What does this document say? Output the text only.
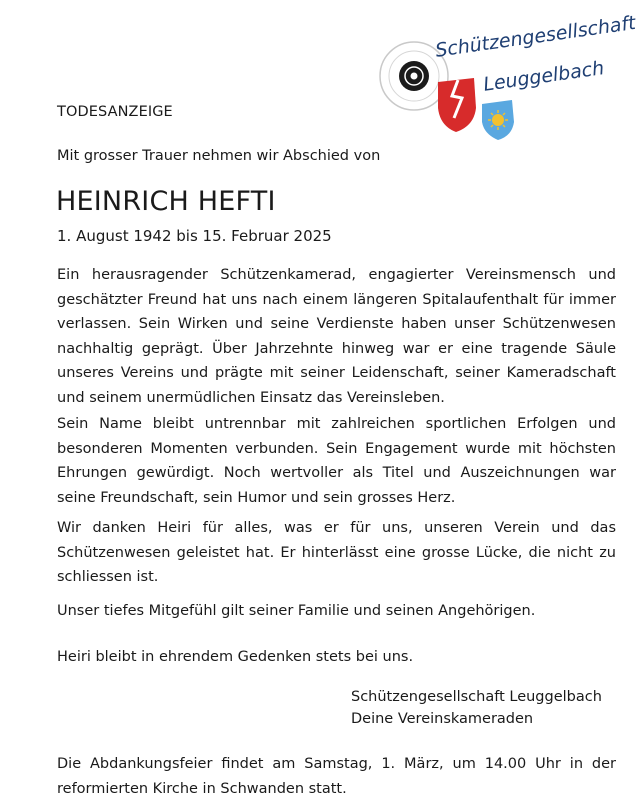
Schützengesellschaft
Leuggelbach
TODESANZEIGE
Mit grosser Trauer nehmen wir Abschied von
HEINRICH HEFTI
1. August 1942 bis 15. Februar 2025

Ein herausragender Schützenkamerad, engagierter Vereinsmensch und geschätzter Freund hat uns nach einem längeren Spitalaufenthalt für immer verlassen. Sein Wirken und seine Verdienste haben unser Schützenwesen nachhaltig geprägt. Über Jahrzehnte hinweg war er eine tragende Säule unseres Vereins und prägte mit seiner Leidenschaft, seiner Kameradschaft und seinem unermüdlichen Einsatz das Vereinsleben.

Sein Name bleibt untrennbar mit zahlreichen sportlichen Erfolgen und besonderen Momenten verbunden. Sein Engagement wurde mit höchsten Ehrungen gewürdigt. Noch wertvoller als Titel und Auszeichnungen war seine Freundschaft, sein Humor und sein grosses Herz.

Wir danken Heiri für alles, was er für uns, unseren Verein und das Schützenwesen geleistet hat. Er hinterlässt eine grosse Lücke, die nicht zu schliessen ist.

Unser tiefes Mitgefühl gilt seiner Familie und seinen Angehörigen.

Heiri bleibt in ehrendem Gedenken stets bei uns.

Schützengesellschaft Leuggelbach
Deine Vereinskameraden

Die Abdankungsfeier findet am Samstag, 1. März, um 14.00 Uhr in der reformierten Kirche in Schwanden statt.
